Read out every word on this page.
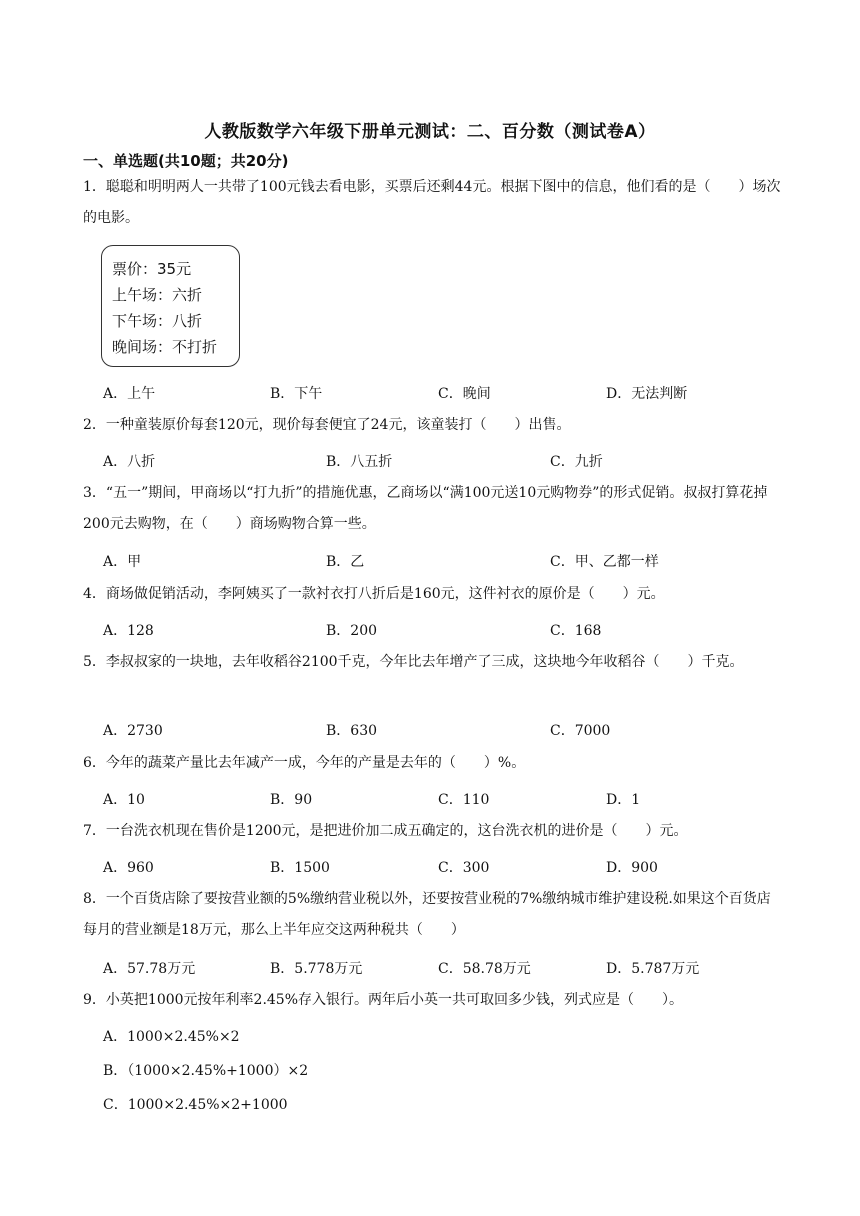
人教版数学六年级下册单元测试：二、百分数（测试卷A）
一、单选题(共10题；共20分)
1．聪聪和明明两人一共带了100元钱去看电影，买票后还剩44元。根据下图中的信息，他们看的是（　　）场次的电影。
票价：35元
上午场：六折
下午场：八折
晚间场：不打折
A．上午	B．下午	C．晚间	D．无法判断
2．一种童装原价每套120元，现价每套便宜了24元，该童装打（　　）出售。
A．八折	B．八五折	C．九折
3．“五一”期间，甲商场以“打九折”的措施优惠，乙商场以“满100元送10元购物券”的形式促销。叔叔打算花掉200元去购物，在（　　）商场购物合算一些。
A．甲	B．乙	C．甲、乙都一样
4．商场做促销活动，李阿姨买了一款衬衣打八折后是160元，这件衬衣的原价是（　　）元。
A．128	B．200	C．168
5．李叔叔家的一块地，去年收稻谷2100千克，今年比去年增产了三成，这块地今年收稻谷（　　）千克。
A．2730	B．630	C．7000
6．今年的蔬菜产量比去年减产一成，今年的产量是去年的（　　）%。
A．10	B．90	C．110	D．1
7．一台洗衣机现在售价是1200元，是把进价加二成五确定的，这台洗衣机的进价是（　　）元。
A．960	B．1500	C．300	D．900
8．一个百货店除了要按营业额的5%缴纳营业税以外，还要按营业税的7%缴纳城市维护建设税.如果这个百货店每月的营业额是18万元，那么上半年应交这两种税共（　　）
A．57.78万元	B．5.778万元	C．58.78万元	D．5.787万元
9．小英把1000元按年利率2.45%存入银行。两年后小英一共可取回多少钱，列式应是（　　）。
A．1000×2.45%×2
B．（1000×2.45%+1000）×2
C．1000×2.45%×2+1000
